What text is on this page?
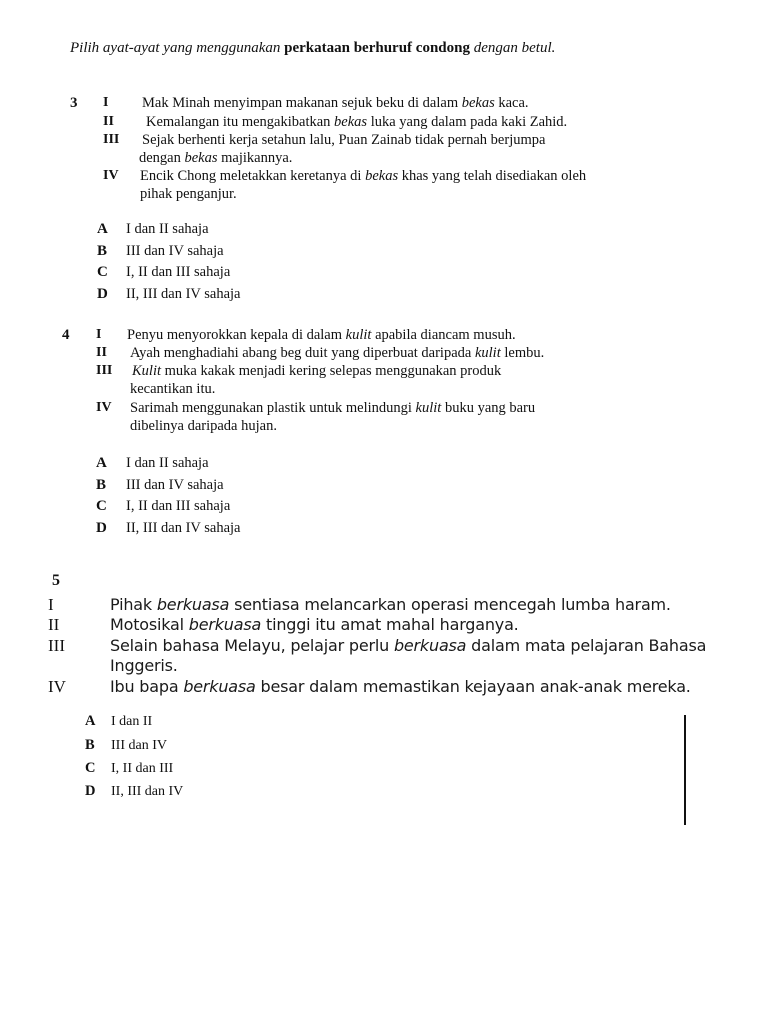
Pilih ayat-ayat yang menggunakan perkataan berhuruf condong dengan betul.
3 I Mak Minah menyimpan makanan sejuk beku di dalam bekas kaca.
II Kemalangan itu mengakibatkan bekas luka yang dalam pada kaki Zahid.
III Sejak berhenti kerja setahun lalu, Puan Zainab tidak pernah berjumpa
dengan bekas majikannya.
IV Encik Chong meletakkan keretanya di bekas khas yang telah disediakan oleh
pihak penganjur.
A I dan II sahaja
B III dan IV sahaja
C I, II dan III sahaja
D II, III dan IV sahaja
4 I Penyu menyorokkan kepala di dalam kulit apabila diancam musuh.
II Ayah menghadiahi abang beg duit yang diperbuat daripada kulit lembu.
III Kulit muka kakak menjadi kering selepas menggunakan produk
kecantikan itu.
IV Sarimah menggunakan plastik untuk melindungi kulit buku yang baru
dibelinya daripada hujan.
A I dan II sahaja
B III dan IV sahaja
C I, II dan III sahaja
D II, III dan IV sahaja
5
I	Pihak berkuasa sentiasa melancarkan operasi mencegah lumba haram.
II	Motosikal berkuasa tinggi itu amat mahal harganya.
III	Selain bahasa Melayu, pelajar perlu berkuasa dalam mata pelajaran Bahasa
Inggeris.
IV	Ibu bapa berkuasa besar dalam memastikan kejayaan anak-anak mereka.
A I dan II
B III dan IV
C I, II dan III
D II, III dan IV
